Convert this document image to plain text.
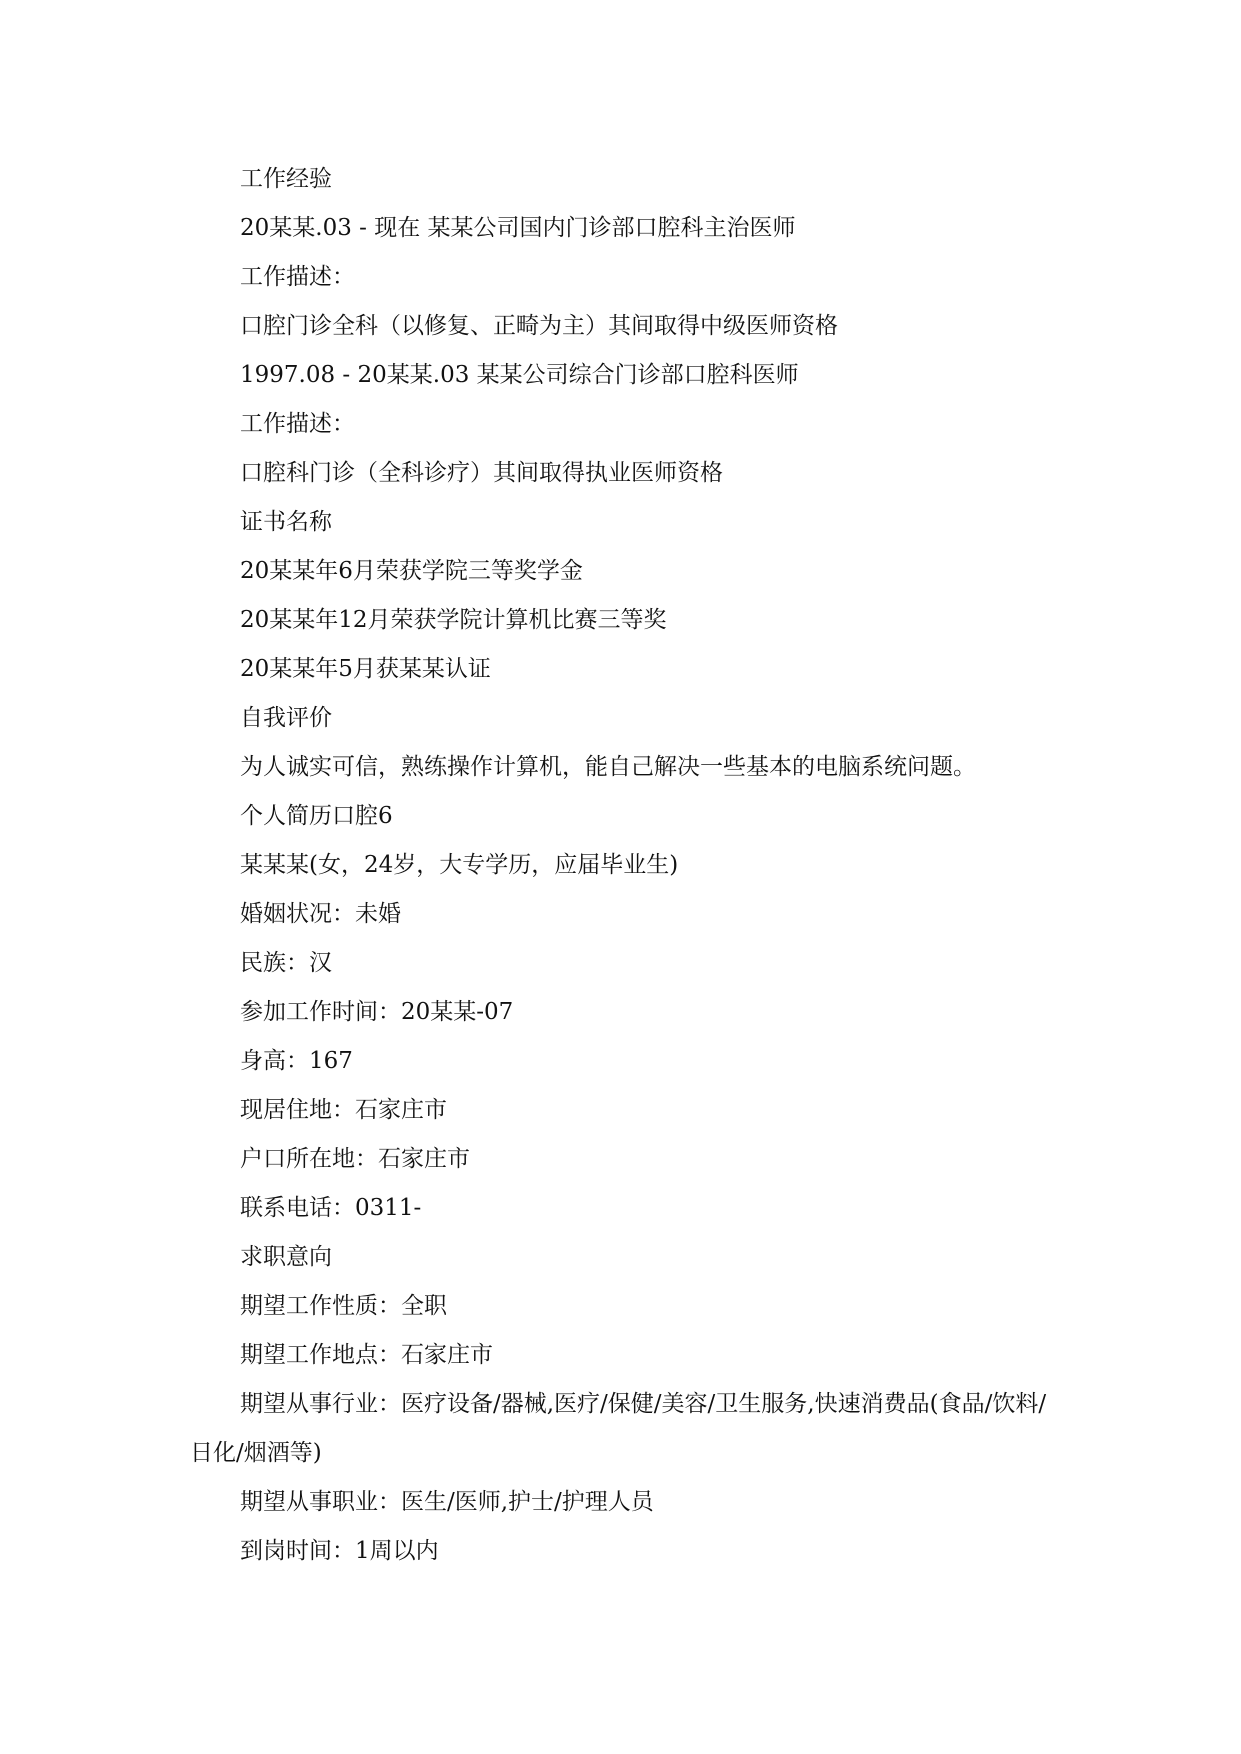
工作经验
20某某.03 - 现在 某某公司国内门诊部口腔科主治医师
工作描述：
口腔门诊全科（以修复、正畸为主）其间取得中级医师资格
1997.08 - 20某某.03 某某公司综合门诊部口腔科医师
工作描述：
口腔科门诊（全科诊疗）其间取得执业医师资格
证书名称
20某某年6月荣获学院三等奖学金
20某某年12月荣获学院计算机比赛三等奖
20某某年5月获某某认证
自我评价
为人诚实可信，熟练操作计算机，能自己解决一些基本的电脑系统问题。
个人简历口腔6
某某某(女，24岁，大专学历，应届毕业生)
婚姻状况：未婚
民族：汉
参加工作时间：20某某-07
身高：167
现居住地：石家庄市
户口所在地：石家庄市
联系电话：0311-
求职意向
期望工作性质：全职
期望工作地点：石家庄市

期望从事行业：医疗设备/器械,医疗/保健/美容/卫生服务,快速消费品(食品/饮料/日化/烟酒等)

期望从事职业：医生/医师,护士/护理人员
到岗时间：1周以内
